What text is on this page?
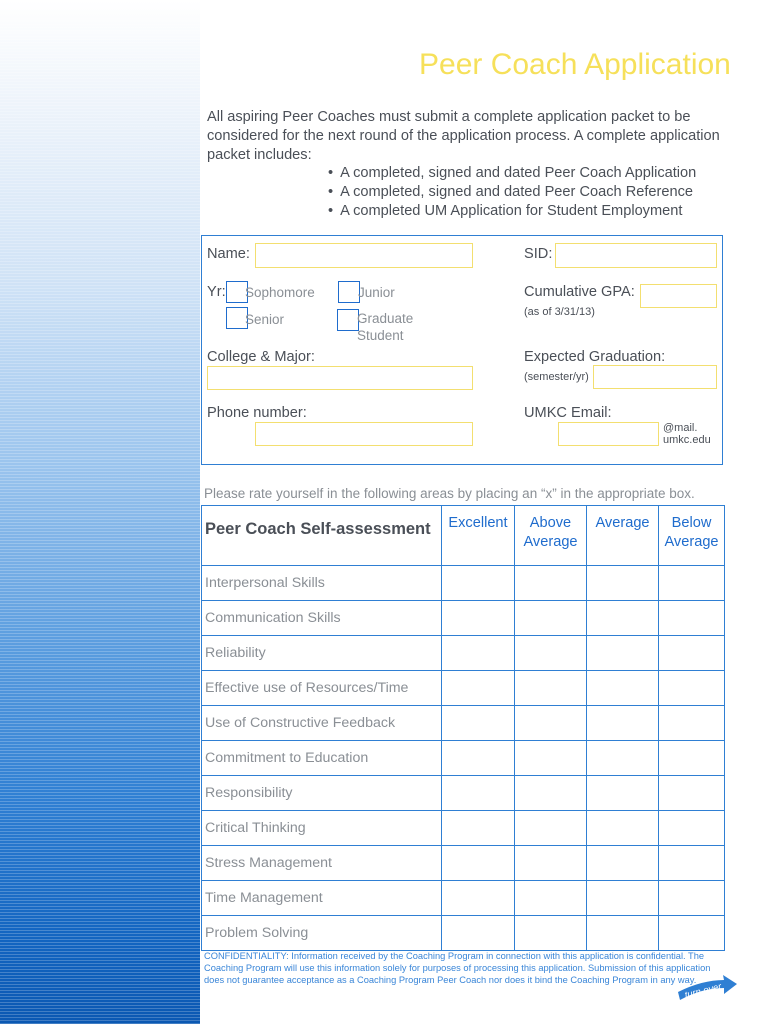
Peer Coach Application
All aspiring Peer Coaches must submit a complete application packet to be considered for the next round of the application process. A complete application packet includes:
• A completed, signed and dated Peer Coach Application
• A completed, signed and dated Peer Coach Reference
• A completed UM Application for Student Employment
Name:	SID:
Yr: Sophomore	Junior
Senior	Graduate Student
Cumulative GPA:
(as of 3/31/13)
College & Major:	Expected Graduation:
(semester/yr)
Phone number:	UMKC Email:
@mail.
umkc.edu
Please rate yourself in the following areas by placing an “x” in the appropriate box.
Peer Coach Self-assessment	Excellent	Above Average	Average	Below Average
Interpersonal Skills				
Communication Skills				
Reliability				
Effective use of Resources/Time				
Use of Constructive Feedback				
Commitment to Education				
Responsibility				
Critical Thinking				
Stress Management				
Time Management				
Problem Solving				
CONFIDENTIALITY: Information received by the Coaching Program in connection with this application is confidential. The Coaching Program will use this information solely for purposes of processing this application. Submission of this application does not guarantee acceptance as a Coaching Program Peer Coach nor does it bind the Coaching Program in any way.
turn over
